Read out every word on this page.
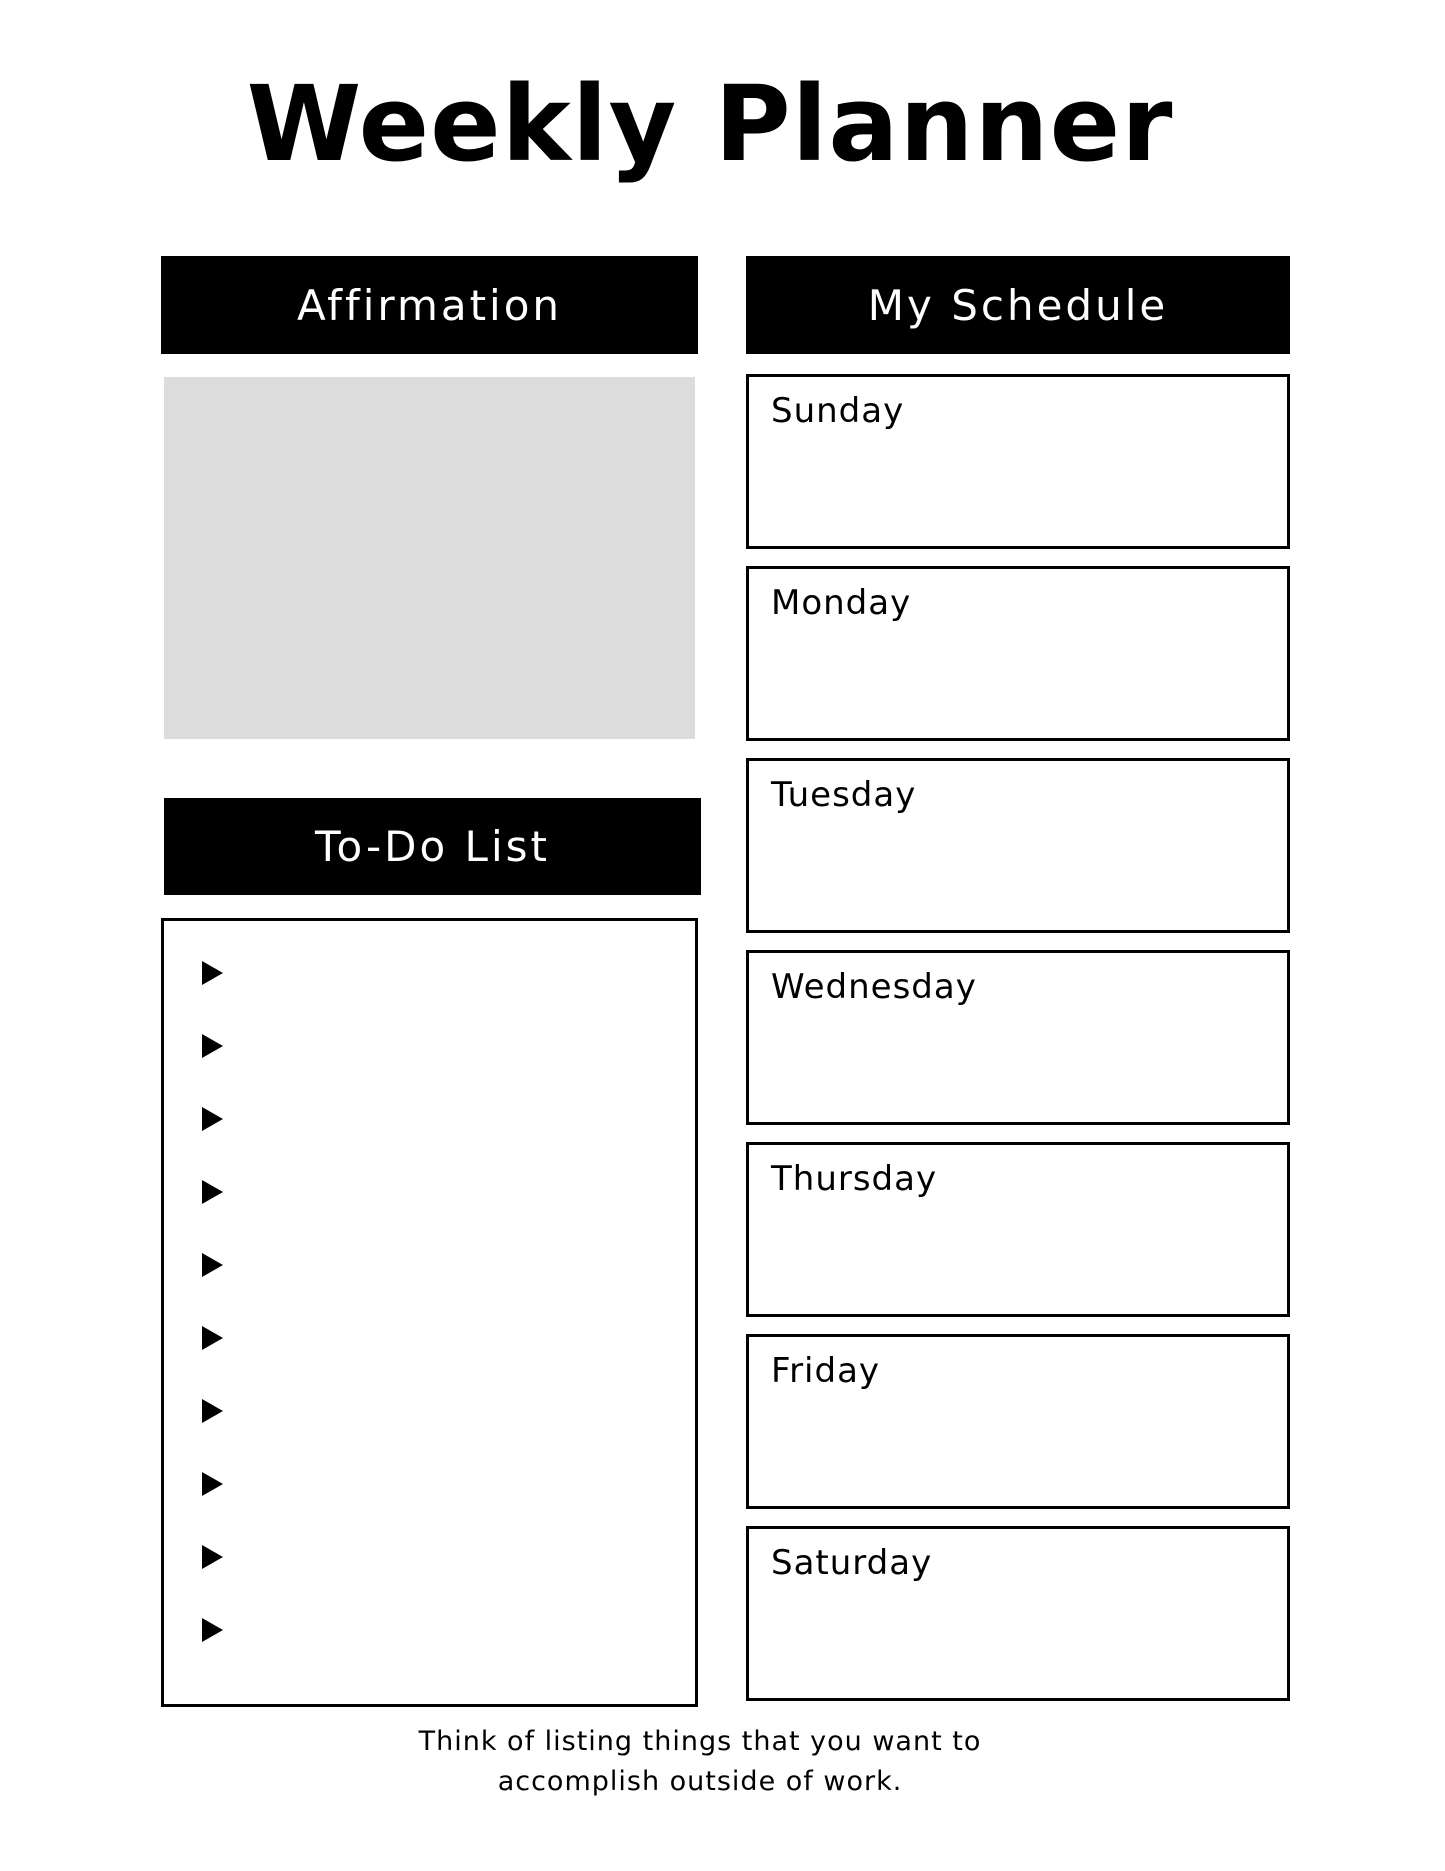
Weekly Planner
Affirmation
To-Do List
My Schedule
Sunday
Monday
Tuesday
Wednesday
Thursday
Friday
Saturday
Think of listing things that you want to
accomplish outside of work.
